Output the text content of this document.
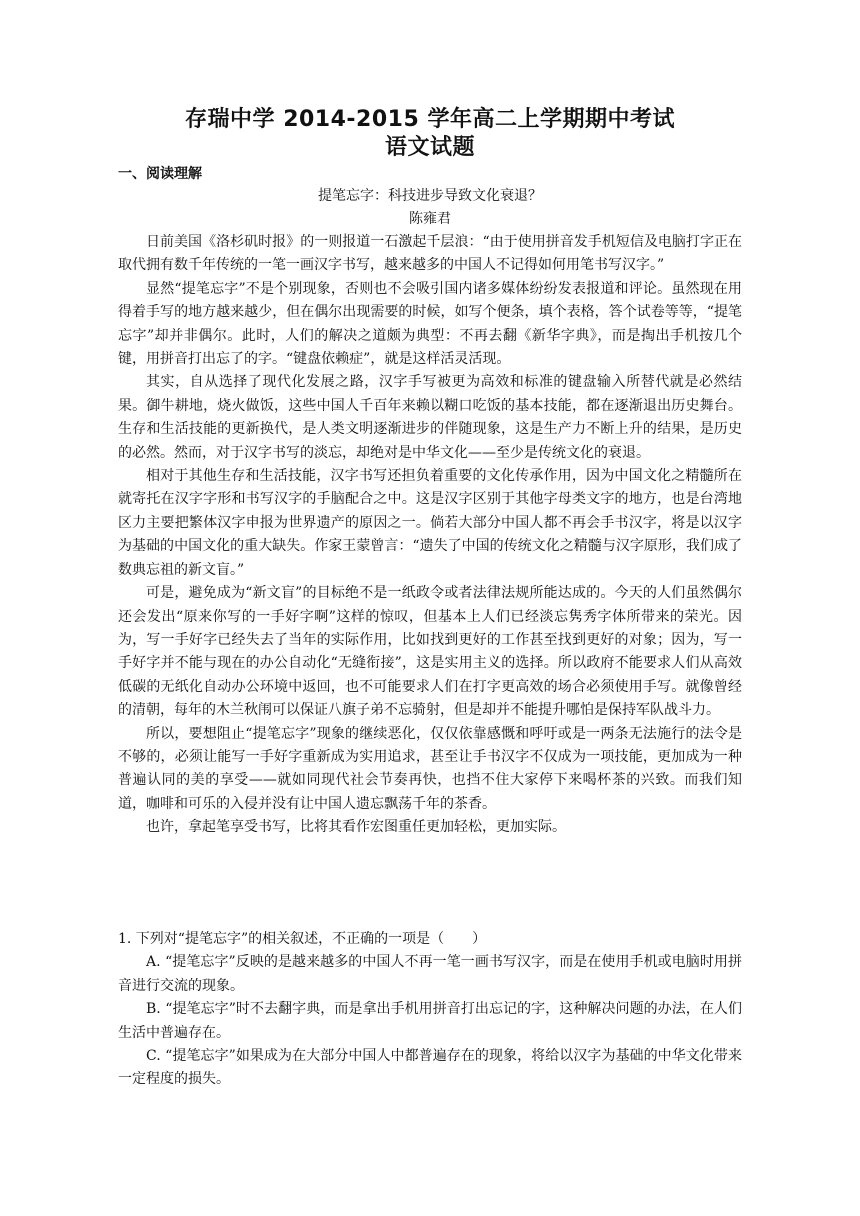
存瑞中学 2014-2015 学年高二上学期期中考试
语文试题
一、阅读理解
提笔忘字：科技进步导致文化衰退？
陈雍君

日前美国《洛杉矶时报》的一则报道一石激起千层浪：“由于使用拼音发手机短信及电脑打字正在取代拥有数千年传统的一笔一画汉字书写，越来越多的中国人不记得如何用笔书写汉字。”

显然“提笔忘字”不是个别现象，否则也不会吸引国内诸多媒体纷纷发表报道和评论。虽然现在用得着手写的地方越来越少，但在偶尔出现需要的时候，如写个便条，填个表格，答个试卷等等，“提笔忘字”却并非偶尔。此时，人们的解决之道颇为典型：不再去翻《新华字典》，而是掏出手机按几个键，用拼音打出忘了的字。“键盘依赖症”，就是这样活灵活现。

其实，自从选择了现代化发展之路，汉字手写被更为高效和标准的键盘输入所替代就是必然结果。御牛耕地，烧火做饭，这些中国人千百年来赖以糊口吃饭的基本技能，都在逐渐退出历史舞台。生存和生活技能的更新换代，是人类文明逐渐进步的伴随现象，这是生产力不断上升的结果，是历史的必然。然而，对于汉字书写的淡忘，却绝对是中华文化——至少是传统文化的衰退。

相对于其他生存和生活技能，汉字书写还担负着重要的文化传承作用，因为中国文化之精髓所在就寄托在汉字字形和书写汉字的手脑配合之中。这是汉字区别于其他字母类文字的地方，也是台湾地区力主要把繁体汉字申报为世界遗产的原因之一。倘若大部分中国人都不再会手书汉字，将是以汉字为基础的中国文化的重大缺失。作家王蒙曾言：“遗失了中国的传统文化之精髓与汉字原形，我们成了数典忘祖的新文盲。”

可是，避免成为“新文盲”的目标绝不是一纸政令或者法律法规所能达成的。今天的人们虽然偶尔还会发出“原来你写的一手好字啊”这样的惊叹，但基本上人们已经淡忘隽秀字体所带来的荣光。因为，写一手好字已经失去了当年的实际作用，比如找到更好的工作甚至找到更好的对象；因为，写一手好字并不能与现在的办公自动化“无缝衔接”，这是实用主义的选择。所以政府不能要求人们从高效低碳的无纸化自动办公环境中返回，也不可能要求人们在打字更高效的场合必须使用手写。就像曾经的清朝，每年的木兰秋闱可以保证八旗子弟不忘骑射，但是却并不能提升哪怕是保持军队战斗力。

所以，要想阻止“提笔忘字”现象的继续恶化，仅仅依靠感慨和呼吁或是一两条无法施行的法令是不够的，必须让能写一手好字重新成为实用追求，甚至让手书汉字不仅成为一项技能，更加成为一种普遍认同的美的享受——就如同现代社会节奏再快，也挡不住大家停下来喝杯茶的兴致。而我们知道，咖啡和可乐的入侵并没有让中国人遗忘飘荡千年的茶香。

也许，拿起笔享受书写，比将其看作宏图重任更加轻松，更加实际。

1. 下列对“提笔忘字”的相关叙述，不正确的一项是（　　）

A. “提笔忘字”反映的是越来越多的中国人不再一笔一画书写汉字，而是在使用手机或电脑时用拼音进行交流的现象。

B. “提笔忘字”时不去翻字典，而是拿出手机用拼音打出忘记的字，这种解决问题的办法，在人们生活中普遍存在。

C. “提笔忘字”如果成为在大部分中国人中都普遍存在的现象，将给以汉字为基础的中华文化带来一定程度的损失。
